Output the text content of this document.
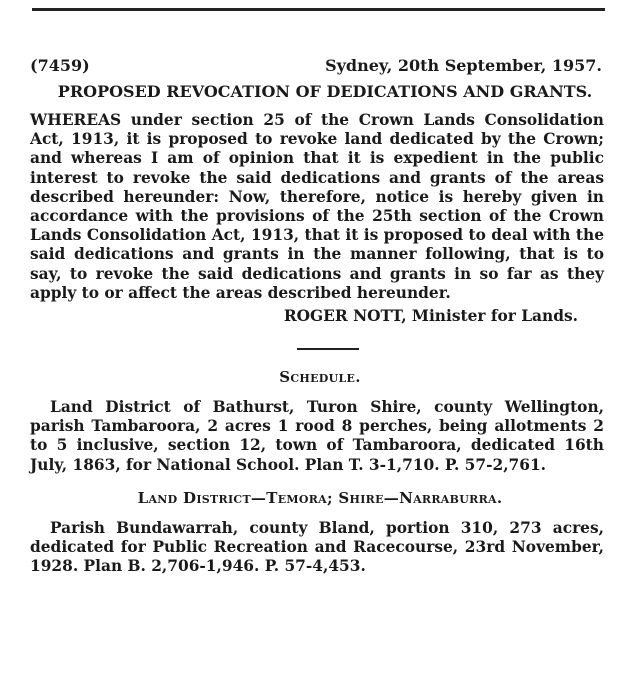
(7459)	Sydney, 20th September, 1957.
PROPOSED REVOCATION OF DEDICATIONS AND GRANTS.
WHEREAS under section 25 of the Crown Lands Consolidation Act, 1913, it is proposed to revoke land dedicated by the Crown; and whereas I am of opinion that it is expedient in the public interest to revoke the said dedications and grants of the areas described hereunder: Now, therefore, notice is hereby given in accordance with the provisions of the 25th section of the Crown Lands Consolidation Act, 1913, that it is proposed to deal with the said dedications and grants in the manner following, that is to say, to revoke the said dedications and grants in so far as they apply to or affect the areas described hereunder.
ROGER NOTT, Minister for Lands.
Schedule.
Land District of Bathurst, Turon Shire, county Wellington, parish Tambaroora, 2 acres 1 rood 8 perches, being allotments 2 to 5 inclusive, section 12, town of Tambaroora, dedicated 16th July, 1863, for National School. Plan T. 3-1,710. P. 57-2,761.
Land District—Temora; Shire—Narraburra.
Parish Bundawarrah, county Bland, portion 310, 273 acres, dedicated for Public Recreation and Racecourse, 23rd November, 1928. Plan B. 2,706-1,946. P. 57-4,453.
